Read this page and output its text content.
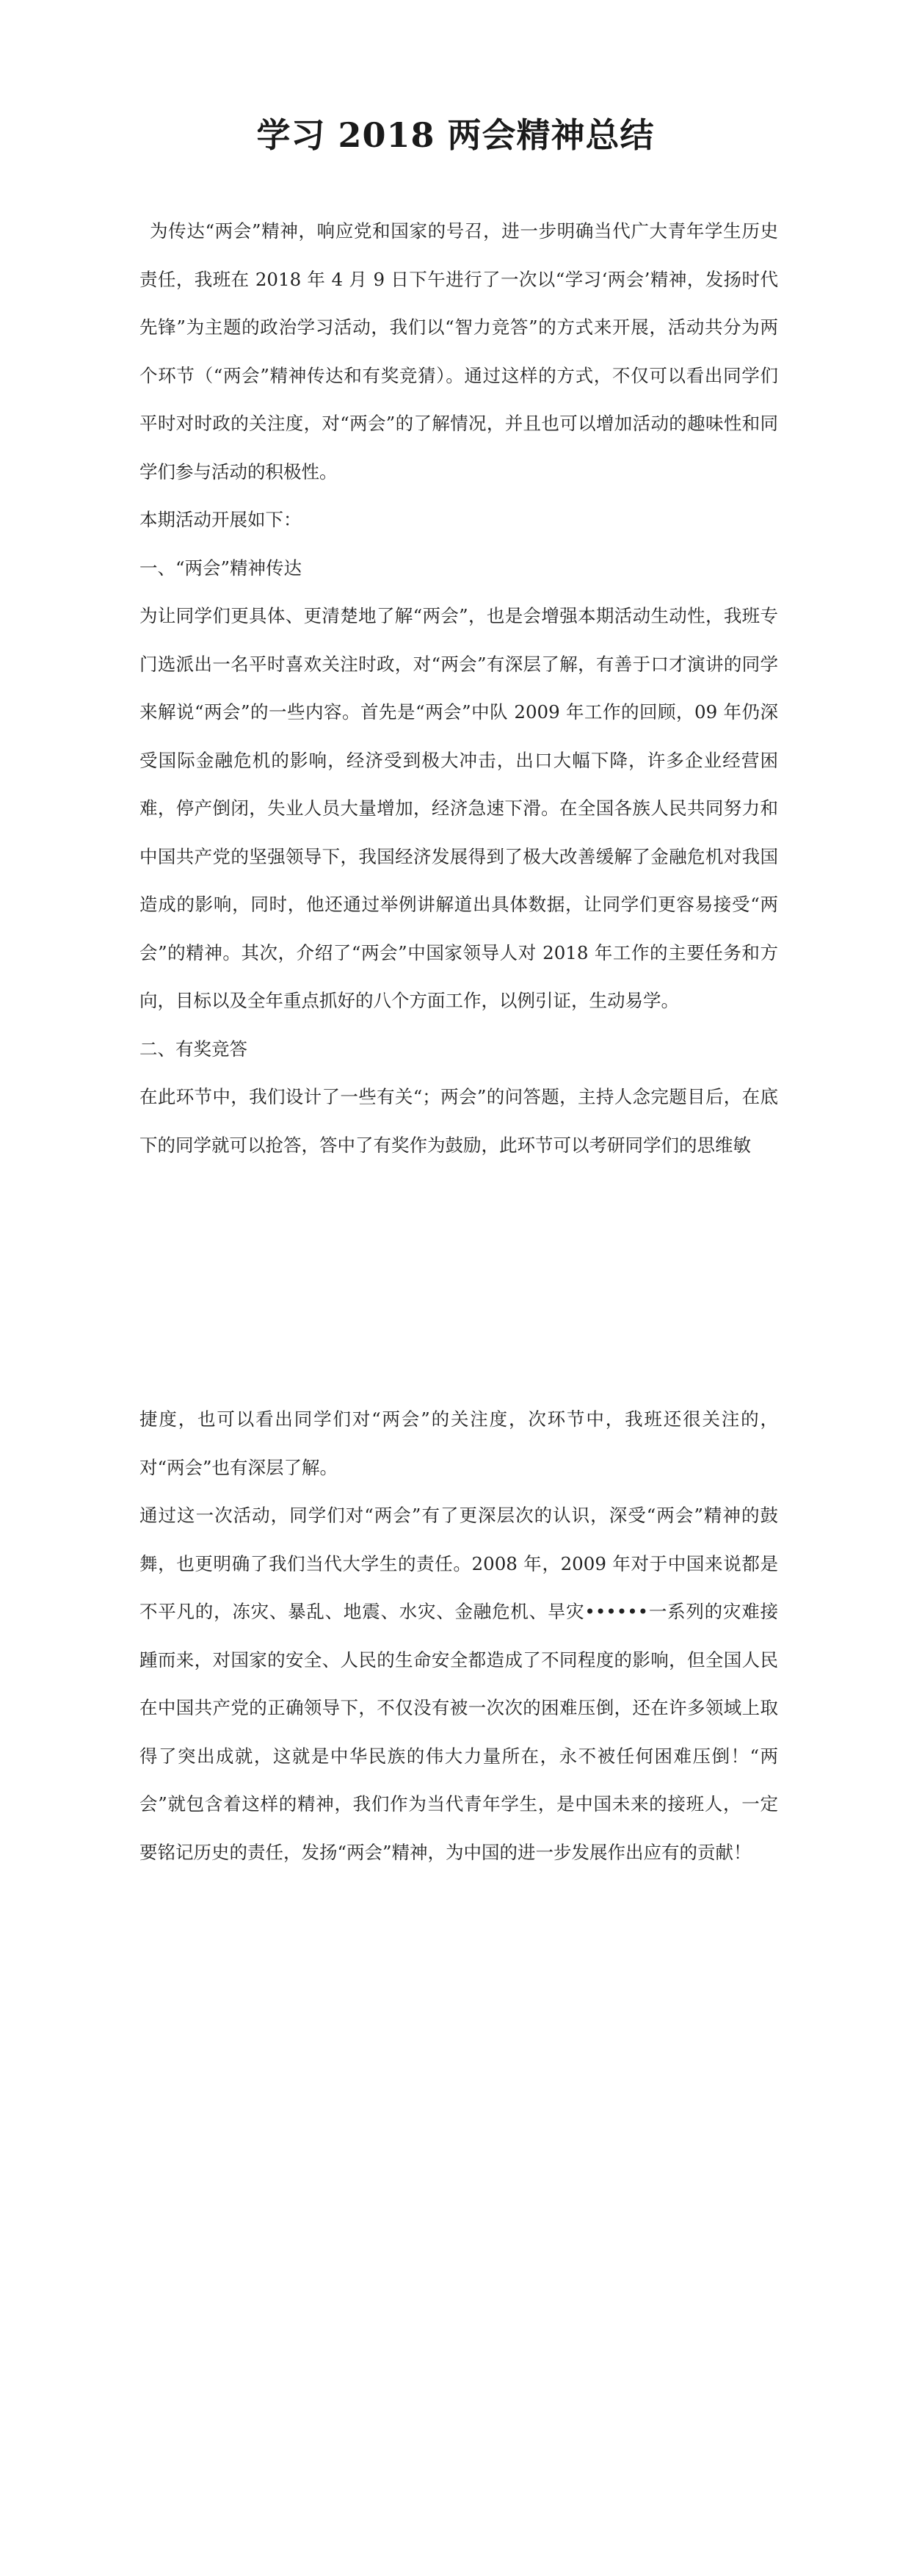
学习 2018 两会精神总结

为传达“两会”精神，响应党和国家的号召，进一步明确当代广大青年学生历史责任，我班在 2018 年 4 月 9 日下午进行了一次以“学习‘两会’精神，发扬时代先锋”为主题的政治学习活动，我们以“智力竞答”的方式来开展，活动共分为两个环节（“两会”精神传达和有奖竞猜）。通过这样的方式，不仅可以看出同学们平时对时政的关注度，对“两会”的了解情况，并且也可以增加活动的趣味性和同学们参与活动的积极性。

本期活动开展如下：

一、“两会”精神传达

为让同学们更具体、更清楚地了解“两会”，也是会增强本期活动生动性，我班专门选派出一名平时喜欢关注时政，对“两会”有深层了解，有善于口才演讲的同学来解说“两会”的一些内容。首先是“两会”中队 2009 年工作的回顾，09 年仍深受国际金融危机的影响，经济受到极大冲击，出口大幅下降，许多企业经营困难，停产倒闭，失业人员大量增加，经济急速下滑。在全国各族人民共同努力和中国共产党的坚强领导下，我国经济发展得到了极大改善缓解了金融危机对我国造成的影响，同时，他还通过举例讲解道出具体数据，让同学们更容易接受“两会”的精神。其次，介绍了“两会”中国家领导人对 2018 年工作的主要任务和方向，目标以及全年重点抓好的八个方面工作，以例引证，生动易学。

二、有奖竞答

在此环节中，我们设计了一些有关“；两会”的问答题，主持人念完题目后，在底下的同学就可以抢答，答中了有奖作为鼓励，此环节可以考研同学们的思维敏

捷度，也可以看出同学们对“两会”的关注度，次环节中，我班还很关注的，对“两会”也有深层了解。

通过这一次活动，同学们对“两会”有了更深层次的认识，深受“两会”精神的鼓舞，也更明确了我们当代大学生的责任。2008 年，2009 年对于中国来说都是不平凡的，冻灾、暴乱、地震、水灾、金融危机、旱灾••••••一系列的灾难接踵而来，对国家的安全、人民的生命安全都造成了不同程度的影响，但全国人民在中国共产党的正确领导下，不仅没有被一次次的困难压倒，还在许多领域上取得了突出成就，这就是中华民族的伟大力量所在，永不被任何困难压倒！“两会”就包含着这样的精神，我们作为当代青年学生，是中国未来的接班人，一定要铭记历史的责任，发扬“两会”精神，为中国的进一步发展作出应有的贡献！
